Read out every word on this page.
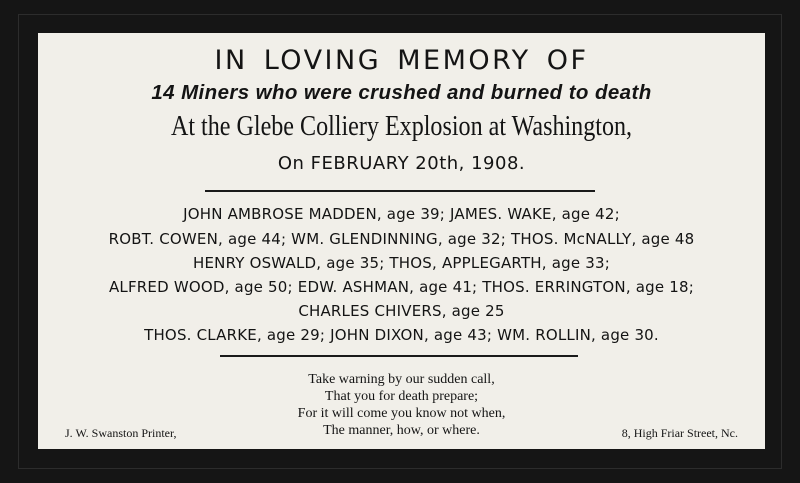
IN LOVING MEMORY OF
14 Miners who were crushed and burned to death
At the Glebe Colliery Explosion at Washington,
On FEBRUARY 20th, 1908.
JOHN AMBROSE MADDEN, age 39; JAMES. WAKE, age 42;
ROBT. COWEN, age 44; WM. GLENDINNING, age 32; THOS. McNALLY, age 48
HENRY OSWALD, age 35; THOS, APPLEGARTH, age 33;
ALFRED WOOD, age 50; EDW. ASHMAN, age 41; THOS. ERRINGTON, age 18;
CHARLES CHIVERS, age 25
THOS. CLARKE, age 29; JOHN DIXON, age 43; WM. ROLLIN, age 30.
Take warning by our sudden call,
That you for death prepare;
For it will come you know not when,
The manner, how, or where.
J. W. Swanston Printer,	8, High Friar Street, Nc.
